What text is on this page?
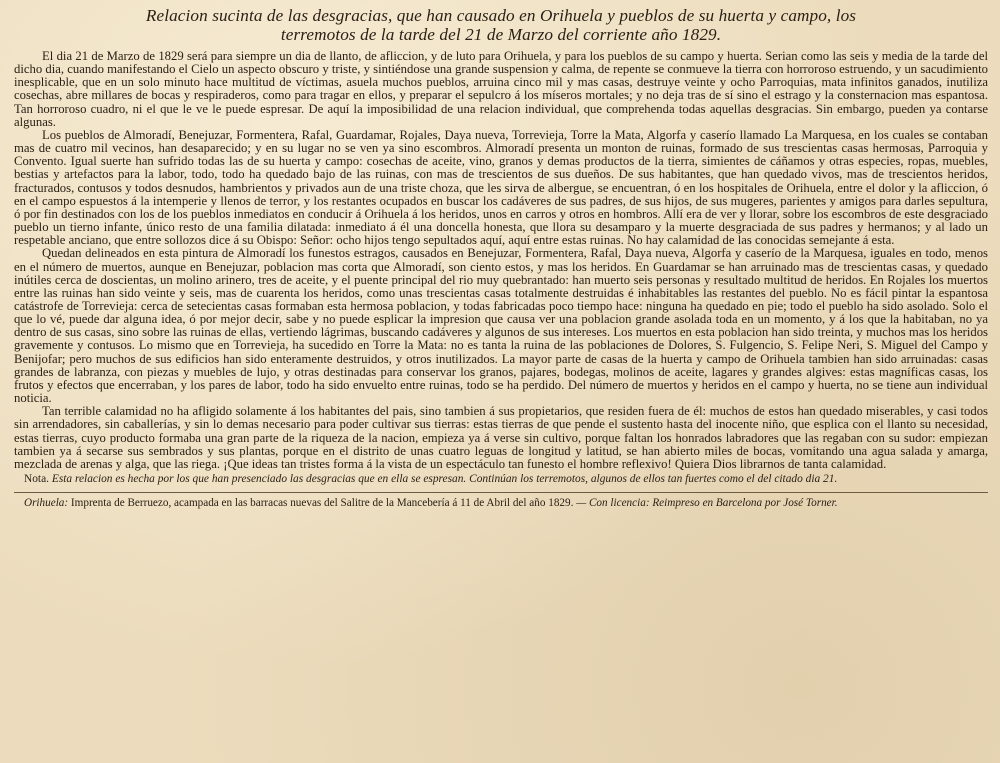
Relacion sucinta de las desgracias, que han causado en Orihuela y pueblos de su huerta y campo, los
terremotos de la tarde del 21 de Marzo del corriente año 1829.

El dia 21 de Marzo de 1829 será para siempre un dia de llanto, de afliccion, y de luto para Orihuela, y para los pueblos de su campo y huerta. Serian como las seis y media de la tarde del dicho dia, cuando manifestando el Cielo un aspecto obscuro y triste, y sintiéndose una grande suspension y calma, de repente se conmueve la tierra con horroroso estruendo, y un sacudimiento inesplicable, que en un solo minuto hace multitud de víctimas, asuela muchos pueblos, arruina cinco mil y mas casas, destruye veinte y ocho Parroquias, mata infinitos ganados, inutiliza cosechas, abre millares de bocas y respiraderos, como para tragar en ellos, y preparar el sepulcro á los míseros mortales; y no deja tras de sí sino el estrago y la consternacion mas espantosa. Tan horroroso cuadro, ni el que le ve le puede espresar. De aquí la imposibilidad de una relacion individual, que comprehenda todas aquellas desgracias. Sin embargo, pueden ya contarse algunas.

Los pueblos de Almoradí, Benejuzar, Formentera, Rafal, Guardamar, Rojales, Daya nueva, Torrevieja, Torre la Mata, Algorfa y caserío llamado La Marquesa, en los cuales se contaban mas de cuatro mil vecinos, han desaparecido; y en su lugar no se ven ya sino escombros. Almoradí presenta un monton de ruinas, formado de sus trescientas casas hermosas, Parroquia y Convento. Igual suerte han sufrido todas las de su huerta y campo: cosechas de aceite, vino, granos y demas productos de la tierra, simientes de cáñamos y otras especies, ropas, muebles, bestias y artefactos para la labor, todo, todo ha quedado bajo de las ruinas, con mas de trescientos de sus dueños. De sus habitantes, que han quedado vivos, mas de trescientos heridos, fracturados, contusos y todos desnudos, hambrientos y privados aun de una triste choza, que les sirva de albergue, se encuentran, ó en los hospitales de Orihuela, entre el dolor y la afliccion, ó en el campo espuestos á la intemperie y llenos de terror, y los restantes ocupados en buscar los cadáveres de sus padres, de sus hijos, de sus mugeres, parientes y amigos para darles sepultura, ó por fin destinados con los de los pueblos inmediatos en conducir á Orihuela á los heridos, unos en carros y otros en hombros. Allí era de ver y llorar, sobre los escombros de este desgraciado pueblo un tierno infante, único resto de una familia dilatada: inmediato á él una doncella honesta, que llora su desamparo y la muerte desgraciada de sus padres y hermanos; y al lado un respetable anciano, que entre sollozos dice á su Obispo: Señor: ocho hijos tengo sepultados aquí, aquí entre estas ruinas. No hay calamidad de las conocidas semejante á esta.

Quedan delineados en esta pintura de Almoradí los funestos estragos, causados en Benejuzar, Formentera, Rafal, Daya nueva, Algorfa y caserío de la Marquesa, iguales en todo, menos en el número de muertos, aunque en Benejuzar, poblacion mas corta que Almoradí, son ciento estos, y mas los heridos. En Guardamar se han arruinado mas de trescientas casas, y quedado inútiles cerca de doscientas, un molino arinero, tres de aceite, y el puente principal del rio muy quebrantado: han muerto seis personas y resultado multitud de heridos. En Rojales los muertos entre las ruinas han sido veinte y seis, mas de cuarenta los heridos, como unas trescientas casas totalmente destruidas é inhabitables las restantes del pueblo. No es fácil pintar la espantosa catástrofe de Torrevieja: cerca de setecientas casas formaban esta hermosa poblacion, y todas fabricadas poco tiempo hace: ninguna ha quedado en pie; todo el pueblo ha sido asolado. Solo el que lo vé, puede dar alguna idea, ó por mejor decir, sabe y no puede esplicar la impresion que causa ver una poblacion grande asolada toda en un momento, y á los que la habitaban, no ya dentro de sus casas, sino sobre las ruinas de ellas, vertiendo lágrimas, buscando cadáveres y algunos de sus intereses. Los muertos en esta poblacion han sido treinta, y muchos mas los heridos gravemente y contusos. Lo mismo que en Torrevieja, ha sucedido en Torre la Mata: no es tanta la ruina de las poblaciones de Dolores, S. Fulgencio, S. Felipe Neri, S. Miguel del Campo y Benijofar; pero muchos de sus edificios han sido enteramente destruidos, y otros inutilizados. La mayor parte de casas de la huerta y campo de Orihuela tambien han sido arruinadas: casas grandes de labranza, con piezas y muebles de lujo, y otras destinadas para conservar los granos, pajares, bodegas, molinos de aceite, lagares y grandes algives: estas magníficas casas, los frutos y efectos que encerraban, y los pares de labor, todo ha sido envuelto entre ruinas, todo se ha perdido. Del número de muertos y heridos en el campo y huerta, no se tiene aun individual noticia.

Tan terrible calamidad no ha afligido solamente á los habitantes del pais, sino tambien á sus propietarios, que residen fuera de él: muchos de estos han quedado miserables, y casi todos sin arrendadores, sin caballerías, y sin lo demas necesario para poder cultivar sus tierras: estas tierras de que pende el sustento hasta del inocente niño, que esplica con el llanto su necesidad, estas tierras, cuyo producto formaba una gran parte de la riqueza de la nacion, empieza ya á verse sin cultivo, porque faltan los honrados labradores que las regaban con su sudor: empiezan tambien ya á secarse sus sembrados y sus plantas, porque en el distrito de unas cuatro leguas de longitud y latitud, se han abierto miles de bocas, vomitando una agua salada y amarga, mezclada de arenas y alga, que las riega. ¡Que ideas tan tristes forma á la vista de un espectáculo tan funesto el hombre reflexivo! Quiera Dios librarnos de tanta calamidad.

Nota. Esta relacion es hecha por los que han presenciado las desgracias que en ella se espresan. Continúan los terremotos, algunos de ellos tan fuertes como el del citado dia 21.
Orihuela: Imprenta de Berruezo, acampada en las barracas nuevas del Salitre de la Mancebería á 11 de Abril del año 1829. — Con licencia: Reimpreso en Barcelona por José Torner.
